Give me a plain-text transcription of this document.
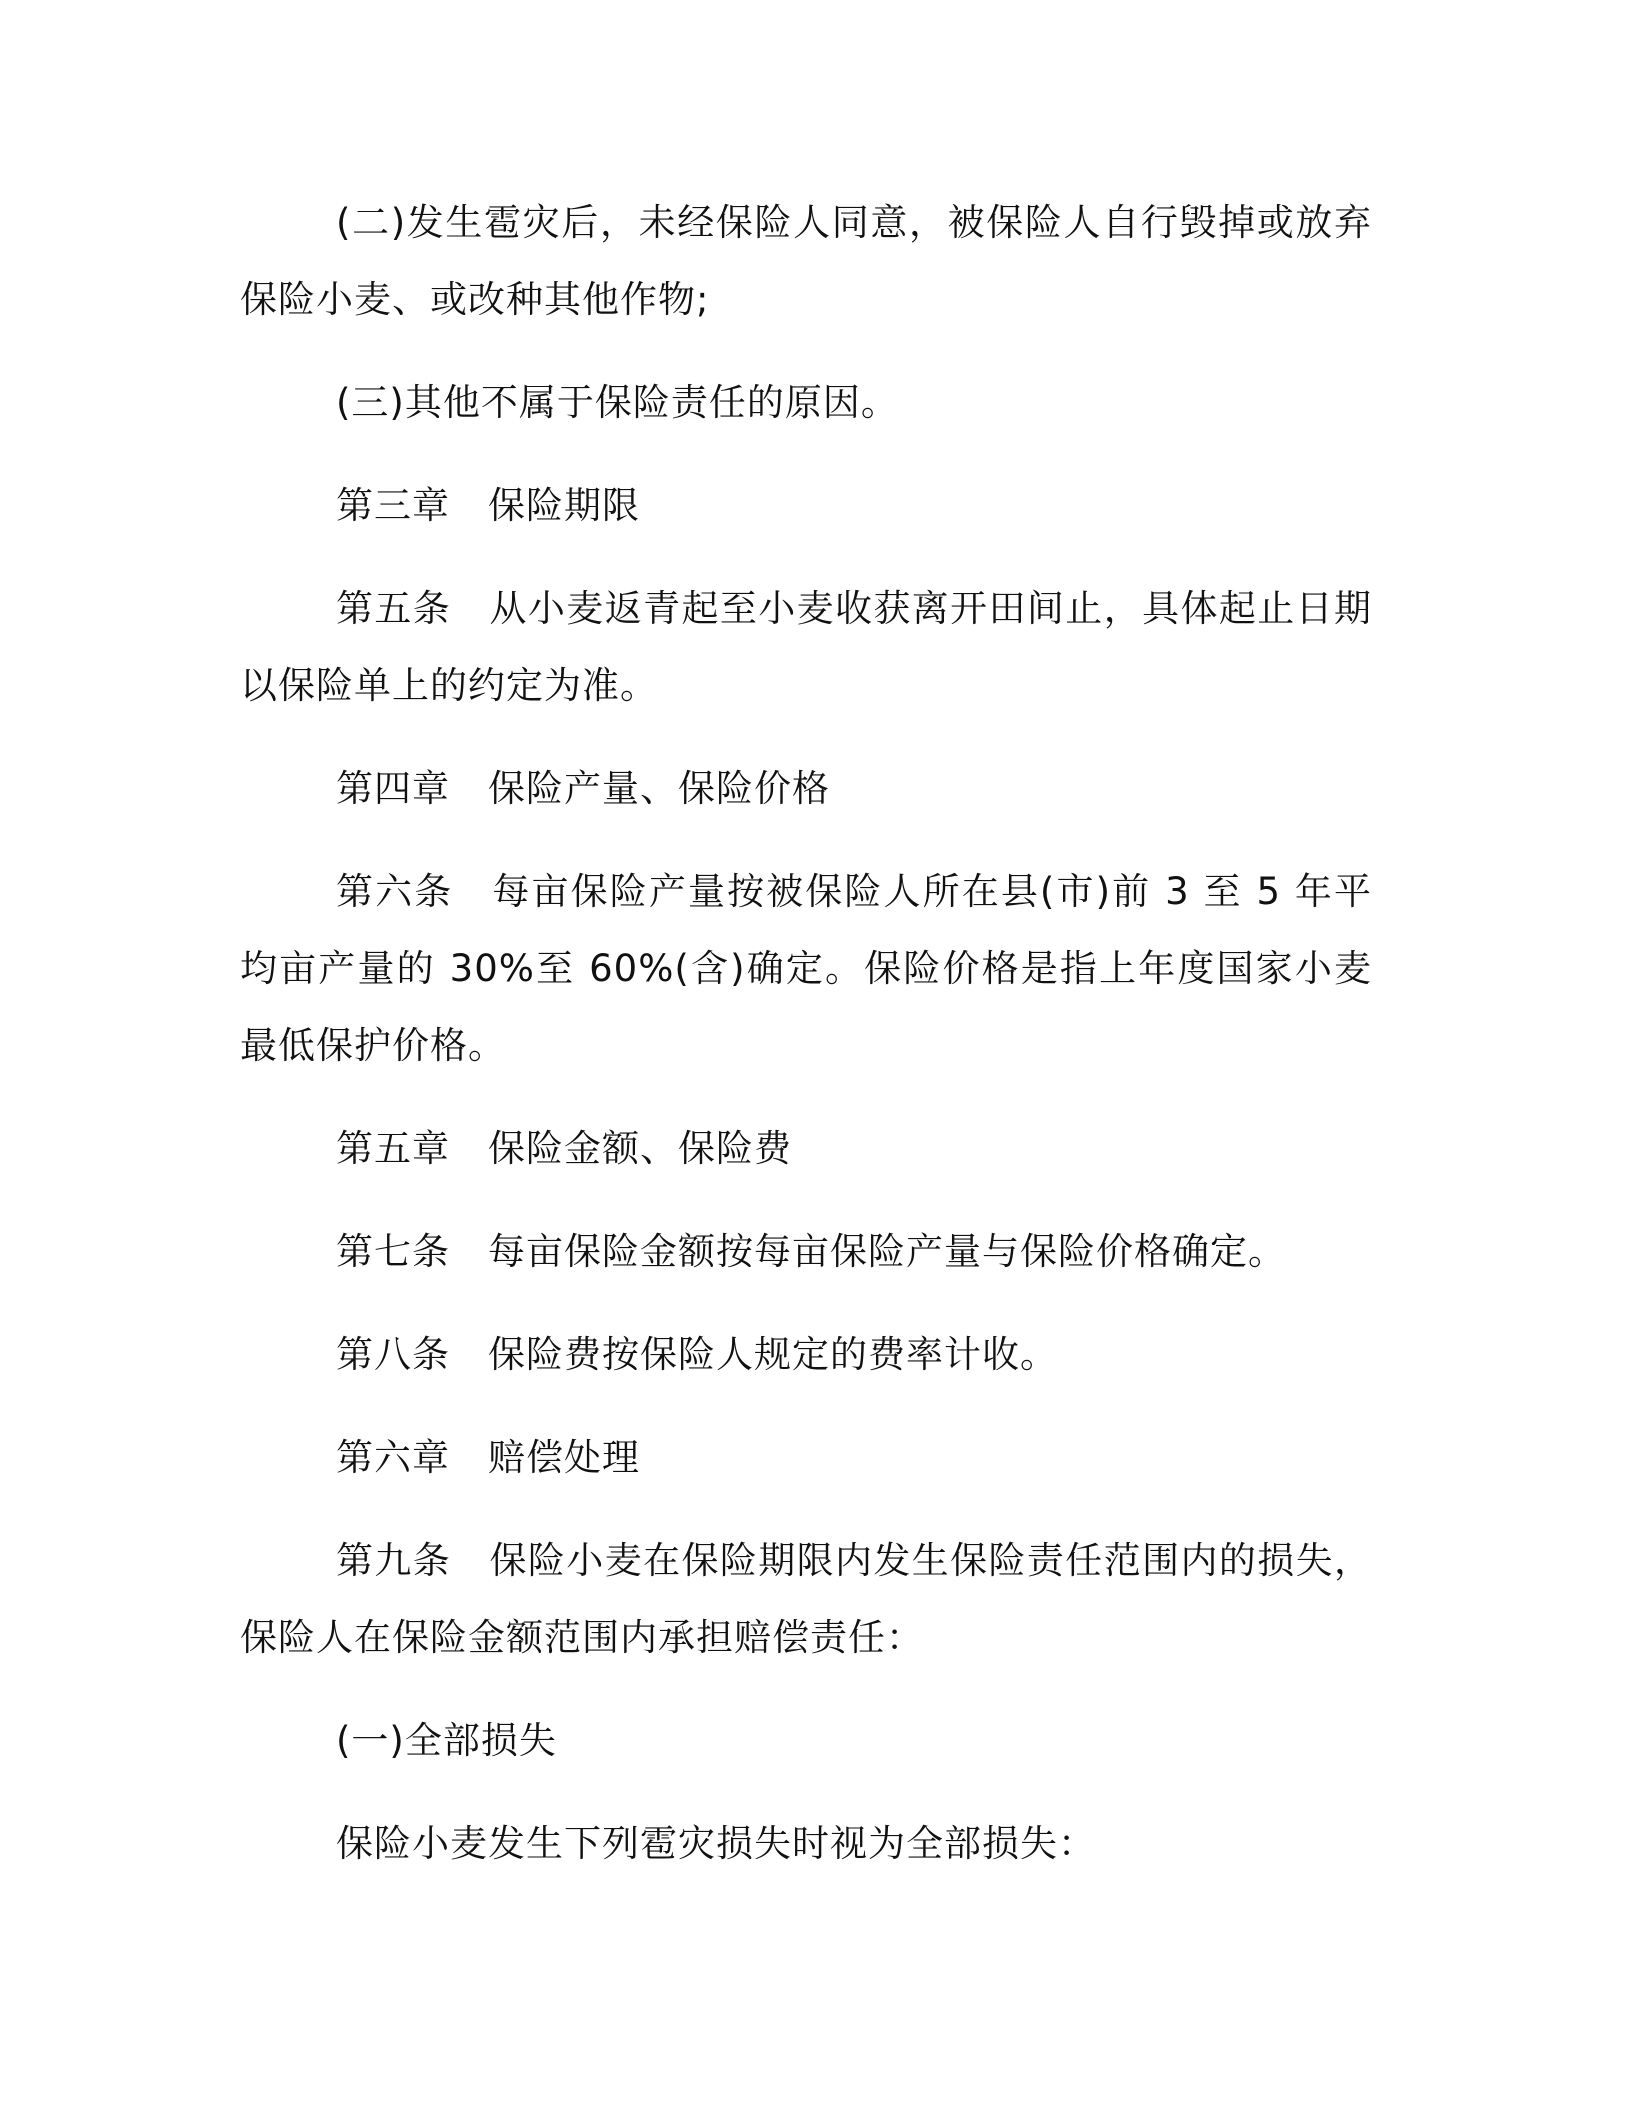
(二)发生雹灾后，未经保险人同意，被保险人自行毁掉或放弃保险小麦、或改种其他作物;

(三)其他不属于保险责任的原因。

第三章　保险期限

第五条　从小麦返青起至小麦收获离开田间止，具体起止日期以保险单上的约定为准。

第四章　保险产量、保险价格

第六条　每亩保险产量按被保险人所在县(市)前 3 至 5 年平均亩产量的 30%至 60%(含)确定。保险价格是指上年度国家小麦最低保护价格。

第五章　保险金额、保险费

第七条　每亩保险金额按每亩保险产量与保险价格确定。

第八条　保险费按保险人规定的费率计收。

第六章　赔偿处理

第九条　保险小麦在保险期限内发生保险责任范围内的损失，保险人在保险金额范围内承担赔偿责任：

(一)全部损失

保险小麦发生下列雹灾损失时视为全部损失：
